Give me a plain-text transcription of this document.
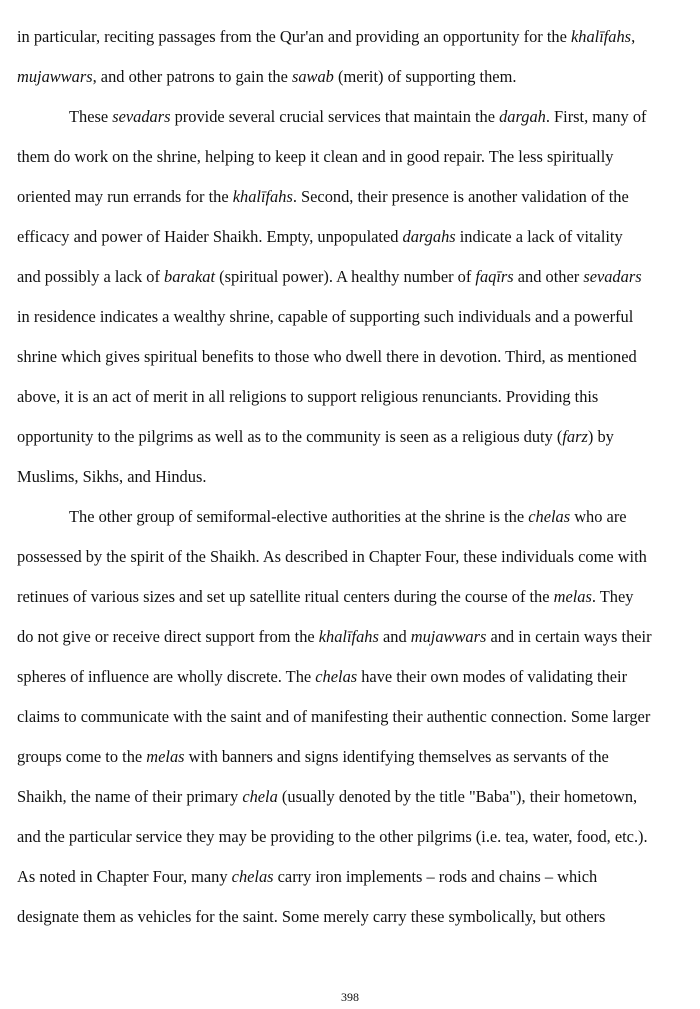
in particular, reciting passages from the Qur'an and providing an opportunity for the khalīfahs,
mujawwars, and other patrons to gain the sawab (merit) of supporting them.
These sevadars provide several crucial services that maintain the dargah. First, many of
them do work on the shrine, helping to keep it clean and in good repair. The less spiritually
oriented may run errands for the khalīfahs. Second, their presence is another validation of the
efficacy and power of Haider Shaikh. Empty, unpopulated dargahs indicate a lack of vitality
and possibly a lack of barakat (spiritual power). A healthy number of faqīrs and other sevadars
in residence indicates a wealthy shrine, capable of supporting such individuals and a powerful
shrine which gives spiritual benefits to those who dwell there in devotion. Third, as mentioned
above, it is an act of merit in all religions to support religious renunciants. Providing this
opportunity to the pilgrims as well as to the community is seen as a religious duty (farz) by
Muslims, Sikhs, and Hindus.
The other group of semiformal-elective authorities at the shrine is the chelas who are
possessed by the spirit of the Shaikh. As described in Chapter Four, these individuals come with
retinues of various sizes and set up satellite ritual centers during the course of the melas. They
do not give or receive direct support from the khalīfahs and mujawwars and in certain ways their
spheres of influence are wholly discrete. The chelas have their own modes of validating their
claims to communicate with the saint and of manifesting their authentic connection. Some larger
groups come to the melas with banners and signs identifying themselves as servants of the
Shaikh, the name of their primary chela (usually denoted by the title "Baba"), their hometown,
and the particular service they may be providing to the other pilgrims (i.e. tea, water, food, etc.).
As noted in Chapter Four, many chelas carry iron implements – rods and chains – which
designate them as vehicles for the saint. Some merely carry these symbolically, but others
398
